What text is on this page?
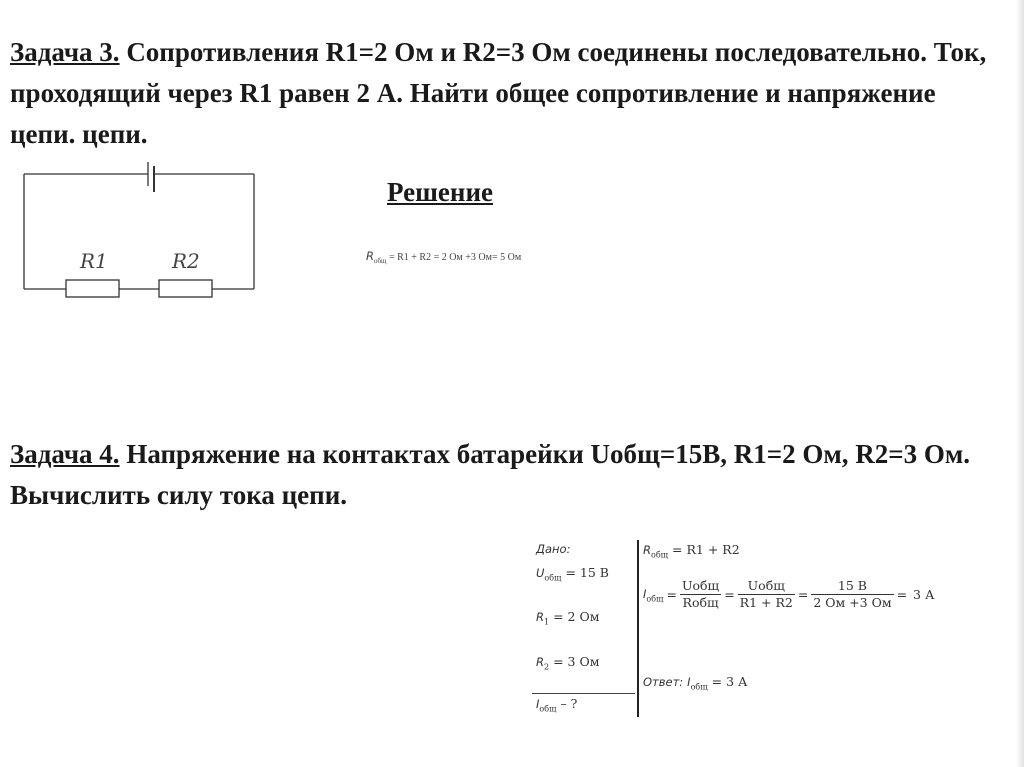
Задача 3. Сопротивления R1=2 Ом и R2=3 Ом соединены последовательно. Ток, проходящий через R1 равен 2 А. Найти общее сопротивление и напряжение цепи. цепи.

R1	R2

Решение

$R_{общ} = R1 + R2 = 2$ Ом +3 Ом= 5 Ом

Задача 4. Напряжение на контактах батарейки Uобщ=15В, R1=2 Ом, R2=3 Ом. Вычислить силу тока цепи.

Дано:
$U_{общ} = 15$ В
$R_1 = 2$ Ом
$R_2 = 3$ Ом
$I_{общ}$ – ?
$R_{общ} = R1 + R2$
$I_{общ} = \frac{\text{Uобщ}}{\text{Rобщ}} = \frac{\text{Uобщ}}{R1 + R2} = \frac{15 В}{2 Ом +3 Ом} = 3$ А
Ответ: $I_{общ} = 3$ А
